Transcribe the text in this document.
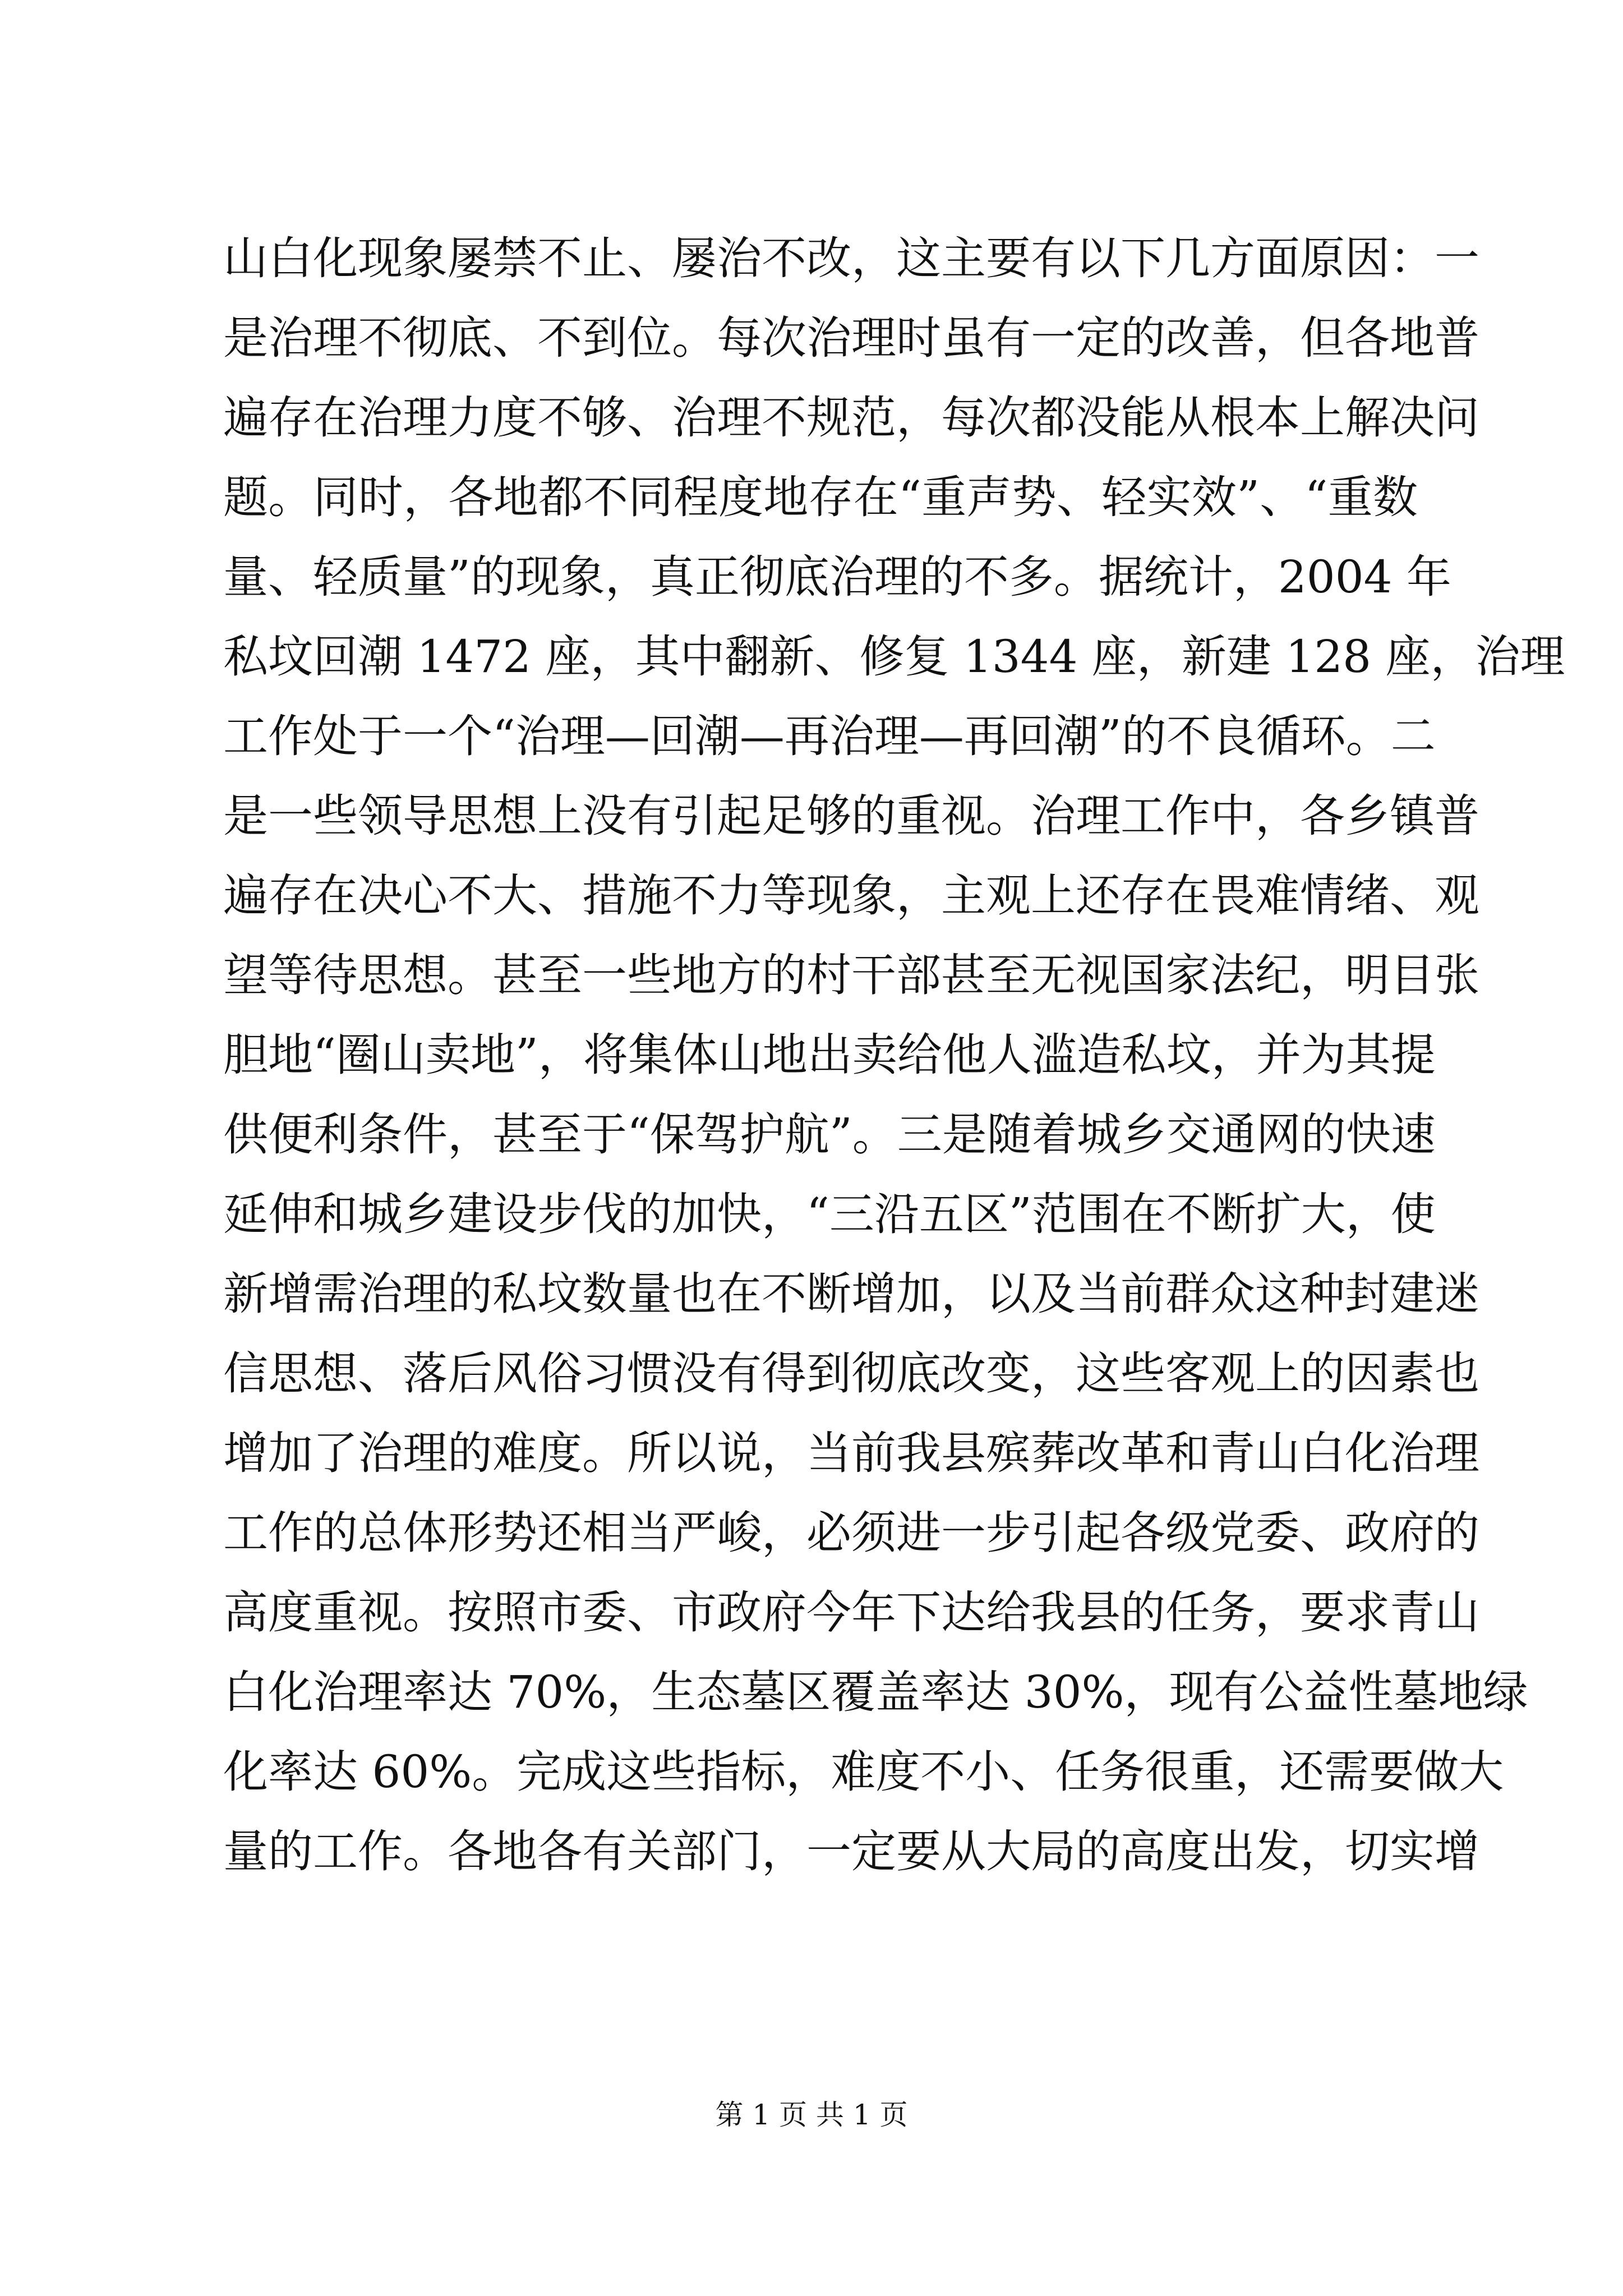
山白化现象屡禁不止、屡治不改，这主要有以下几方面原因：一
是治理不彻底、不到位。每次治理时虽有一定的改善，但各地普
遍存在治理力度不够、治理不规范，每次都没能从根本上解决问
题。同时，各地都不同程度地存在“重声势、轻实效”、“重数
量、轻质量”的现象，真正彻底治理的不多。据统计，2004 年
私坟回潮 1472 座，其中翻新、修复 1344 座，新建 128 座，治理
工作处于一个“治理—回潮—再治理—再回潮”的不良循环。二
是一些领导思想上没有引起足够的重视。治理工作中，各乡镇普
遍存在决心不大、措施不力等现象，主观上还存在畏难情绪、观
望等待思想。甚至一些地方的村干部甚至无视国家法纪，明目张
胆地“圈山卖地”，将集体山地出卖给他人滥造私坟，并为其提
供便利条件，甚至于“保驾护航”。三是随着城乡交通网的快速
延伸和城乡建设步伐的加快，“三沿五区”范围在不断扩大，使
新增需治理的私坟数量也在不断增加，以及当前群众这种封建迷
信思想、落后风俗习惯没有得到彻底改变，这些客观上的因素也
增加了治理的难度。所以说，当前我县殡葬改革和青山白化治理
工作的总体形势还相当严峻，必须进一步引起各级党委、政府的
高度重视。按照市委、市政府今年下达给我县的任务，要求青山
白化治理率达 70%，生态墓区覆盖率达 30%，现有公益性墓地绿
化率达 60%。完成这些指标，难度不小、任务很重，还需要做大
量的工作。各地各有关部门，一定要从大局的高度出发，切实增
第 1 页 共 1 页
